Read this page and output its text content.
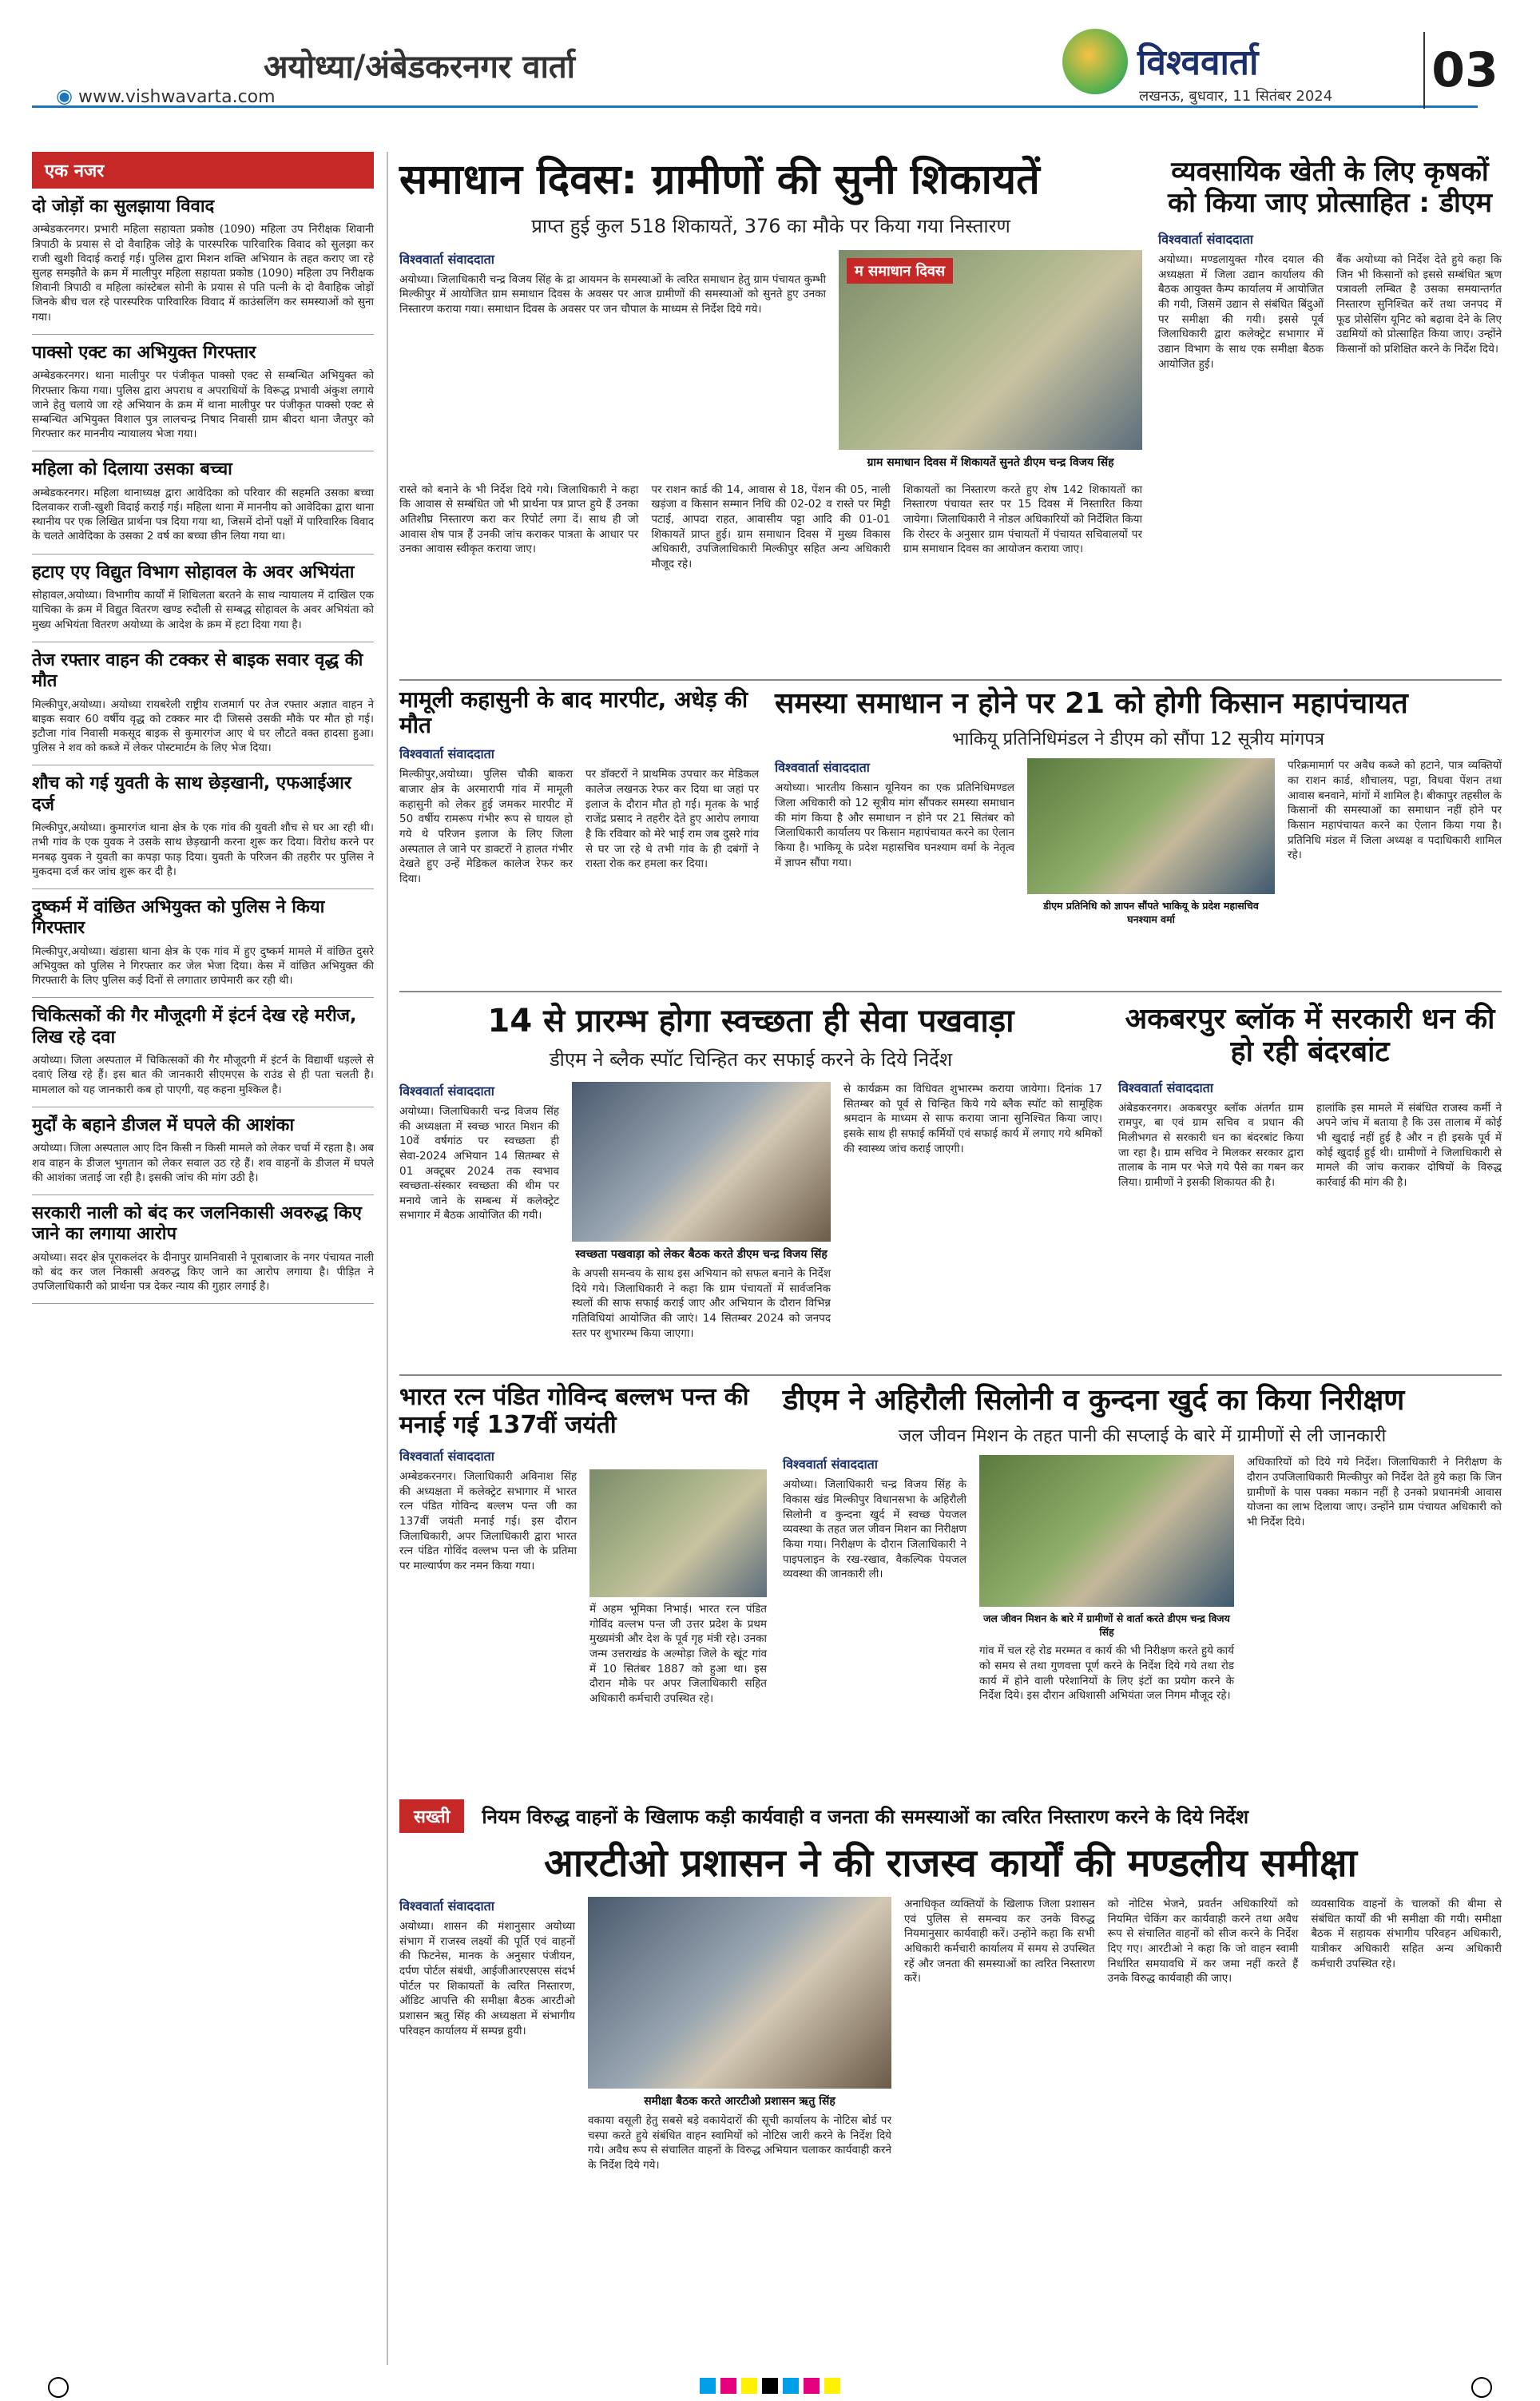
अयोध्या/अंबेडकरनगर वार्ता
◉ www.vishwavarta.com
विश्ववार्ता
लखनऊ, बुधवार, 11 सितंबर 2024 03
एक नजर
दो जोड़ों का सुलझाया विवाद

अम्बेडकरनगर। प्रभारी महिला सहायता प्रकोष्ठ (1090) महिला उप निरीक्षक शिवानी त्रिपाठी के प्रयास से दो वैवाहिक जोड़े के पारस्परिक पारिवारिक विवाद को सुलझा कर राजी खुशी विदाई कराई गई। पुलिस द्वारा मिशन शक्ति अभियान के तहत कराए जा रहे सुलह समझौते के क्रम में मालीपुर महिला सहायता प्रकोष्ठ (1090) महिला उप निरीक्षक शिवानी त्रिपाठी व महिला कांस्टेबल सोनी के प्रयास से पति पत्नी के दो वैवाहिक जोड़ों जिनके बीच चल रहे पारस्परिक पारिवारिक विवाद में काउंसलिंग कर समस्याओं को सुना गया।

पाक्सो एक्ट का अभियुक्त गिरफ्तार

अम्बेडकरनगर। थाना मालीपुर पर पंजीकृत पाक्सो एक्ट से सम्बन्धित अभियुक्त को गिरफ्तार किया गया। पुलिस द्वारा अपराध व अपराधियों के विरूद्ध प्रभावी अंकुश लगाये जाने हेतु चलाये जा रहे अभियान के क्रम में थाना मालीपुर पर पंजीकृत पाक्सो एक्ट से सम्बन्धित अभियुक्त विशाल पुत्र लालचन्द्र निषाद निवासी ग्राम बीदरा थाना जैतपुर को गिरफ्तार कर माननीय न्यायालय भेजा गया।

महिला को दिलाया उसका बच्चा

अम्बेडकरनगर। महिला थानाध्यक्ष द्वारा आवेदिका को परिवार की सहमति उसका बच्चा दिलवाकर राजी-खुशी विदाई कराई गई। महिला थाना में माननीय को आवेदिका द्वारा थाना स्थानीय पर एक लिखित प्रार्थना पत्र दिया गया था, जिसमें दोनों पक्षों में पारिवारिक विवाद के चलते आवेदिका के उसका 2 वर्ष का बच्चा छीन लिया गया था।

हटाए एए विद्युत विभाग सोहावल के अवर अभियंता

सोहावल,अयोध्या। विभागीय कार्यों में शिथिलता बरतने के साथ न्यायालय में दाखिल एक याचिका के क्रम में विद्युत वितरण खण्ड रुदौली से सम्बद्ध सोहावल के अवर अभियंता को मुख्य अभियंता वितरण अयोध्या के आदेश के क्रम में हटा दिया गया है।

तेज रफ्तार वाहन की टक्कर से बाइक सवार वृद्ध की मौत

मिल्कीपुर,अयोध्या। अयोध्या रायबरेली राष्ट्रीय राजमार्ग पर तेज रफ्तार अज्ञात वाहन ने बाइक सवार 60 वर्षीय वृद्ध को टक्कर मार दी जिससे उसकी मौके पर मौत हो गई। इटौजा गांव निवासी मकसूद बाइक से कुमारगंज आए थे घर लौटते वक्त हादसा हुआ। पुलिस ने शव को कब्जे में लेकर पोस्टमार्टम के लिए भेज दिया।

शौच को गई युवती के साथ छेड़खानी, एफआईआर दर्ज

मिल्कीपुर,अयोध्या। कुमारगंज थाना क्षेत्र के एक गांव की युवती शौच से घर आ रही थी। तभी गांव के एक युवक ने उसके साथ छेड़खानी करना शुरू कर दिया। विरोध करने पर मनबढ़ युवक ने युवती का कपड़ा फाड़ दिया। युवती के परिजन की तहरीर पर पुलिस ने मुकदमा दर्ज कर जांच शुरू कर दी है।

दुष्कर्म में वांछित अभियुक्त को पुलिस ने किया गिरफ्तार

मिल्कीपुर,अयोध्या। खंडासा थाना क्षेत्र के एक गांव में हुए दुष्कर्म मामले में वांछित दुसरे अभियुक्त को पुलिस ने गिरफ्तार कर जेल भेजा दिया। केस में वांछित अभियुक्त की गिरफ्तारी के लिए पुलिस कई दिनों से लगातार छापेमारी कर रही थी।

चिकित्सकों की गैर मौजूदगी में इंटर्न देख रहे मरीज, लिख रहे दवा

अयोध्या। जिला अस्पताल में चिकित्सकों की गैर मौजूदगी में इंटर्न के विद्यार्थी धड़ल्ले से दवाएं लिख रहे हैं। इस बात की जानकारी सीएमएस के राउंड से ही पता चलती है। मामलाल को यह जानकारी कब हो पाएगी, यह कहना मुश्किल है।

मुर्दों के बहाने डीजल में घपले की आशंका

अयोध्या। जिला अस्पताल आए दिन किसी न किसी मामले को लेकर चर्चा में रहता है। अब शव वाहन के डीजल भुगतान को लेकर सवाल उठ रहे हैं। शव वाहनों के डीजल में घपले की आशंका जताई जा रही है। इसकी जांच की मांग उठी है।

सरकारी नाली को बंद कर जलनिकासी अवरुद्ध किए जाने का लगाया आरोप

अयोध्या। सदर क्षेत्र पूराकलंदर के दीनापुर ग्रामनिवासी ने पूराबाजार के नगर पंचायत नाली को बंद कर जल निकासी अवरुद्ध किए जाने का आरोप लगाया है। पीड़ित ने उपजिलाधिकारी को प्रार्थना पत्र देकर न्याय की गुहार लगाई है।

समाधान दिवस: ग्रामीणों की सुनी शिकायतें
प्राप्त हुई कुल 518 शिकायतें, 376 का मौके पर किया गया निस्तारण
विश्ववार्ता संवाददाता
अयोध्या। जिलाधिकारी चन्द्र विजय सिंह के द्रा आयमन के समस्याओं के त्वरित समाधान हेतु ग्राम पंचायत कुम्भी मिल्कीपुर में आयोजित ग्राम समाधान दिवस के अवसर पर आज ग्रामीणों की समस्याओं को सुनते हुए उनका निस्तारण कराया गया। समाधान दिवस के अवसर पर जन चौपाल के माध्यम से निर्देश दिये गये।
म समाधान दिवस
ग्राम समाधान दिवस में शिकायतें सुनते डीएम चन्द्र विजय सिंह
रास्ते को बनाने के भी निर्देश दिये गये। जिलाधिकारी ने कहा कि आवास से सम्बंधित जो भी प्रार्थना पत्र प्राप्त हुये हैं उनका अतिशीघ्र निस्तारण करा कर रिपोर्ट लगा दें। साथ ही जो आवास शेष पात्र हैं उनकी जांच कराकर पात्रता के आधार पर उनका आवास स्वीकृत कराया जाए।
पर राशन कार्ड की 14, आवास से 18, पेंशन की 05, नाली खड़ंजा व किसान सम्मान निधि की 02-02 व रास्ते पर मिट्टी पटाई, आपदा राहत, आवासीय पट्टा आदि की 01-01 शिकायतें प्राप्त हुई। ग्राम समाधान दिवस में मुख्य विकास अधिकारी, उपजिलाधिकारी मिल्कीपुर सहित अन्य अधिकारी मौजूद रहे।
शिकायतों का निस्तारण करते हुए शेष 142 शिकायतों का निस्तारण पंचायत स्तर पर 15 दिवस में निस्तारित किया जायेगा। जिलाधिकारी ने नोडल अधिकारियों को निर्देशित किया कि रोस्टर के अनुसार ग्राम पंचायतों में पंचायत सचिवालयों पर ग्राम समाधान दिवस का आयोजन कराया जाए।
व्यवसायिक खेती के लिए कृषकों को किया जाए प्रोत्साहित : डीएम
विश्ववार्ता संवाददाता
अयोध्या। मण्डलायुक्त गौरव दयाल की अध्यक्षता में जिला उद्यान कार्यालय की बैठक आयुक्त कैम्प कार्यालय में आयोजित की गयी, जिसमें उद्यान से संबंधित बिंदुओं पर समीक्षा की गयी। इससे पूर्व जिलाधिकारी द्वारा कलेक्ट्रेट सभागार में उद्यान विभाग के साथ एक समीक्षा बैठक आयोजित हुई।
बैंक अयोध्या को निर्देश देते हुये कहा कि जिन भी किसानों को इससे सम्बंधित ऋण पत्रावली लम्बित है उसका समयान्तर्गत निस्तारण सुनिश्चित करें तथा जनपद में फूड प्रोसेसिंग यूनिट को बढ़ावा देने के लिए उद्यमियों को प्रोत्साहित किया जाए। उन्होंने किसानों को प्रशिक्षित करने के निर्देश दिये।
मामूली कहासुनी के बाद मारपीट, अधेड़ की मौत
विश्ववार्ता संवाददाता
मिल्कीपुर,अयोध्या। पुलिस चौकी बाकरा बाजार क्षेत्र के अरमारापी गांव में मामूली कहासुनी को लेकर हुई जमकर मारपीट में 50 वर्षीय रामरूप गंभीर रूप से घायल हो गये थे परिजन इलाज के लिए जिला अस्पताल ले जाने पर डाक्टरों ने हालत गंभीर देखते हुए उन्हें मेडिकल कालेज रेफर कर दिया।
पर डॉक्टरों ने प्राथमिक उपचार कर मेडिकल कालेज लखनऊ रेफर कर दिया था जहां पर इलाज के दौरान मौत हो गई। मृतक के भाई राजेंद्र प्रसाद ने तहरीर देते हुए आरोप लगाया है कि रविवार को मेरे भाई राम जब दुसरे गांव से घर जा रहे थे तभी गांव के ही दबंगों ने रास्ता रोक कर हमला कर दिया।
समस्या समाधान न होने पर 21 को होगी किसान महापंचायत
भाकियू प्रतिनिधिमंडल ने डीएम को सौंपा 12 सूत्रीय मांगपत्र
विश्ववार्ता संवाददाता
अयोध्या। भारतीय किसान यूनियन का एक प्रतिनिधिमण्डल जिला अधिकारी को 12 सूत्रीय मांग सौंपकर समस्या समाधान की मांग किया है और समाधान न होने पर 21 सितंबर को जिलाधिकारी कार्यालय पर किसान महापंचायत करने का ऐलान किया है। भाकियू के प्रदेश महासचिव घनश्याम वर्मा के नेतृत्व में ज्ञापन सौंपा गया।
डीएम प्रतिनिधि को ज्ञापन सौंपते भाकियू के प्रदेश महासचिव घनश्याम वर्मा
परिक्रमामार्ग पर अवैध कब्जे को हटाने, पात्र व्यक्तियों का राशन कार्ड, शौचालय, पट्टा, विधवा पेंशन तथा आवास बनवाने, मांगों में शामिल है। बीकापुर तहसील के किसानों की समस्याओं का समाधान नहीं होने पर किसान महापंचायत करने का ऐलान किया गया है। प्रतिनिधि मंडल में जिला अध्यक्ष व पदाधिकारी शामिल रहे।
14 से प्रारम्भ होगा स्वच्छता ही सेवा पखवाड़ा
डीएम ने ब्लैक स्पॉट चिन्हित कर सफाई करने के दिये निर्देश
विश्ववार्ता संवाददाता
अयोध्या। जिलाधिकारी चन्द्र विजय सिंह की अध्यक्षता में स्वच्छ भारत मिशन की 10वें वर्षगांठ पर स्वच्छता ही सेवा-2024 अभियान 14 सितम्बर से 01 अक्टूबर 2024 तक स्वभाव स्वच्छता-संस्कार स्वच्छता की थीम पर मनाये जाने के सम्बन्ध में कलेक्ट्रेट सभागार में बैठक आयोजित की गयी।
स्वच्छता पखवाड़ा को लेकर बैठक करते डीएम चन्द्र विजय सिंह
के अपसी समन्वय के साथ इस अभियान को सफल बनाने के निर्देश दिये गये। जिलाधिकारी ने कहा कि ग्राम पंचायतों में सार्वजनिक स्थलों की साफ सफाई कराई जाए और अभियान के दौरान विभिन्न गतिविधियां आयोजित की जाएं। 14 सितम्बर 2024 को जनपद स्तर पर शुभारम्भ किया जाएगा।
से कार्यक्रम का विधिवत शुभारम्भ कराया जायेगा। दिनांक 17 सितम्बर को पूर्व से चिन्हित किये गये ब्लैक स्पॉट को सामूहिक श्रमदान के माध्यम से साफ कराया जाना सुनिश्चित किया जाए। इसके साथ ही सफाई कर्मियों एवं सफाई कार्य में लगाए गये श्रमिकों की स्वास्थ्य जांच कराई जाएगी।
अकबरपुर ब्लॉक में सरकारी धन की हो रही बंदरबांट
विश्ववार्ता संवाददाता
अंबेडकरनगर। अकबरपुर ब्लॉक अंतर्गत ग्राम रामपुर, बा एवं ग्राम सचिव व प्रधान की मिलीभगत से सरकारी धन का बंदरबांट किया जा रहा है। ग्राम सचिव ने मिलकर सरकार द्वारा तालाब के नाम पर भेजे गये पैसे का गबन कर लिया। ग्रामीणों ने इसकी शिकायत की है।
हालांकि इस मामले में संबंधित राजस्व कर्मी ने अपने जांच में बताया है कि उस तालाब में कोई भी खुदाई नहीं हुई है और न ही इसके पूर्व में कोई खुदाई हुई थी। ग्रामीणों ने जिलाधिकारी से मामले की जांच कराकर दोषियों के विरुद्ध कार्रवाई की मांग की है।
भारत रत्न पंडित गोविन्द बल्लभ पन्त की मनाई गई 137वीं जयंती
विश्ववार्ता संवाददाता
अम्बेडकरनगर। जिलाधिकारी अविनाश सिंह की अध्यक्षता में कलेक्ट्रेट सभागार में भारत रत्न पंडित गोविन्द बल्लभ पन्त जी का 137वीं जयंती मनाई गई। इस दौरान जिलाधिकारी, अपर जिलाधिकारी द्वारा भारत रत्न पंडित गोविंद वल्लभ पन्त जी के प्रतिमा पर माल्यार्पण कर नमन किया गया।
में अहम भूमिका निभाई। भारत रत्न पंडित गोविंद वल्लभ पन्त जी उत्तर प्रदेश के प्रथम मुख्यमंत्री और देश के पूर्व गृह मंत्री रहे। उनका जन्म उत्तराखंड के अल्मोड़ा जिले के खूंट गांव में 10 सितंबर 1887 को हुआ था। इस दौरान मौके पर अपर जिलाधिकारी सहित अधिकारी कर्मचारी उपस्थित रहे।
डीएम ने अहिरौली सिलोनी व कुन्दना खुर्द का किया निरीक्षण
जल जीवन मिशन के तहत पानी की सप्लाई के बारे में ग्रामीणों से ली जानकारी
विश्ववार्ता संवाददाता
अयोध्या। जिलाधिकारी चन्द्र विजय सिंह के विकास खंड मिल्कीपुर विधानसभा के अहिरौली सिलोनी व कुन्दना खुर्द में स्वच्छ पेयजल व्यवस्था के तहत जल जीवन मिशन का निरीक्षण किया गया। निरीक्षण के दौरान जिलाधिकारी ने पाइपलाइन के रख-रखाव, वैकल्पिक पेयजल व्यवस्था की जानकारी ली।
जल जीवन मिशन के बारे में ग्रामीणों से वार्ता करते डीएम चन्द्र विजय सिंह
गांव में चल रहे रोड मरम्मत व कार्य की भी निरीक्षण करते हुये कार्य को समय से तथा गुणवत्ता पूर्ण करने के निर्देश दिये गये तथा रोड कार्य में होने वाली परेशानियों के लिए इंटों का प्रयोग करने के निर्देश दिये। इस दौरान अधिशासी अभियंता जल निगम मौजूद रहे।
अधिकारियों को दिये गये निर्देश। जिलाधिकारी ने निरीक्षण के दौरान उपजिलाधिकारी मिल्कीपुर को निर्देश देते हुये कहा कि जिन ग्रामीणों के पास पक्का मकान नहीं है उनको प्रधानमंत्री आवास योजना का लाभ दिलाया जाए। उन्होंने ग्राम पंचायत अधिकारी को भी निर्देश दिये।
सख्ती	नियम विरुद्ध वाहनों के खिलाफ कड़ी कार्यवाही व जनता की समस्याओं का त्वरित निस्तारण करने के दिये निर्देश
आरटीओ प्रशासन ने की राजस्व कार्यों की मण्डलीय समीक्षा
विश्ववार्ता संवाददाता
अयोध्या। शासन की मंशानुसार अयोध्या संभाग में राजस्व लक्ष्यों की पूर्ति एवं वाहनों की फिटनेस, मानक के अनुसार पंजीयन, दर्पण पोर्टल संबंधी, आईजीआरएसएस संदर्भ पोर्टल पर शिकायतों के त्वरित निस्तारण, ऑडिट आपत्ति की समीक्षा बैठक आरटीओ प्रशासन ऋतु सिंह की अध्यक्षता में संभागीय परिवहन कार्यालय में सम्पन्न हुयी।
समीक्षा बैठक करते आरटीओ प्रशासन ऋतु सिंह
वकाया वसूली हेतु सबसे बड़े वकायेदारों की सूची कार्यालय के नोटिस बोर्ड पर चस्पा करते हुये संबंधित वाहन स्वामियों को नोटिस जारी करने के निर्देश दिये गये। अवैध रूप से संचालित वाहनों के विरुद्ध अभियान चलाकर कार्यवाही करने के निर्देश दिये गये।
अनाधिकृत व्यक्तियों के खिलाफ जिला प्रशासन एवं पुलिस से समन्वय कर उनके विरुद्ध नियमानुसार कार्यवाही करें। उन्होंने कहा कि सभी अधिकारी कर्मचारी कार्यालय में समय से उपस्थित रहें और जनता की समस्याओं का त्वरित निस्तारण करें।
को नोटिस भेजने, प्रवर्तन अधिकारियों को नियमित चेकिंग कर कार्यवाही करने तथा अवैध रूप से संचालित वाहनों को सीज करने के निर्देश दिए गए। आरटीओ ने कहा कि जो वाहन स्वामी निर्धारित समयावधि में कर जमा नहीं करते हैं उनके विरुद्ध कार्यवाही की जाए।
व्यवसायिक वाहनों के चालकों की बीमा से संबंधित कार्यों की भी समीक्षा की गयी। समीक्षा बैठक में सहायक संभागीय परिवहन अधिकारी, यात्रीकर अधिकारी सहित अन्य अधिकारी कर्मचारी उपस्थित रहे।
